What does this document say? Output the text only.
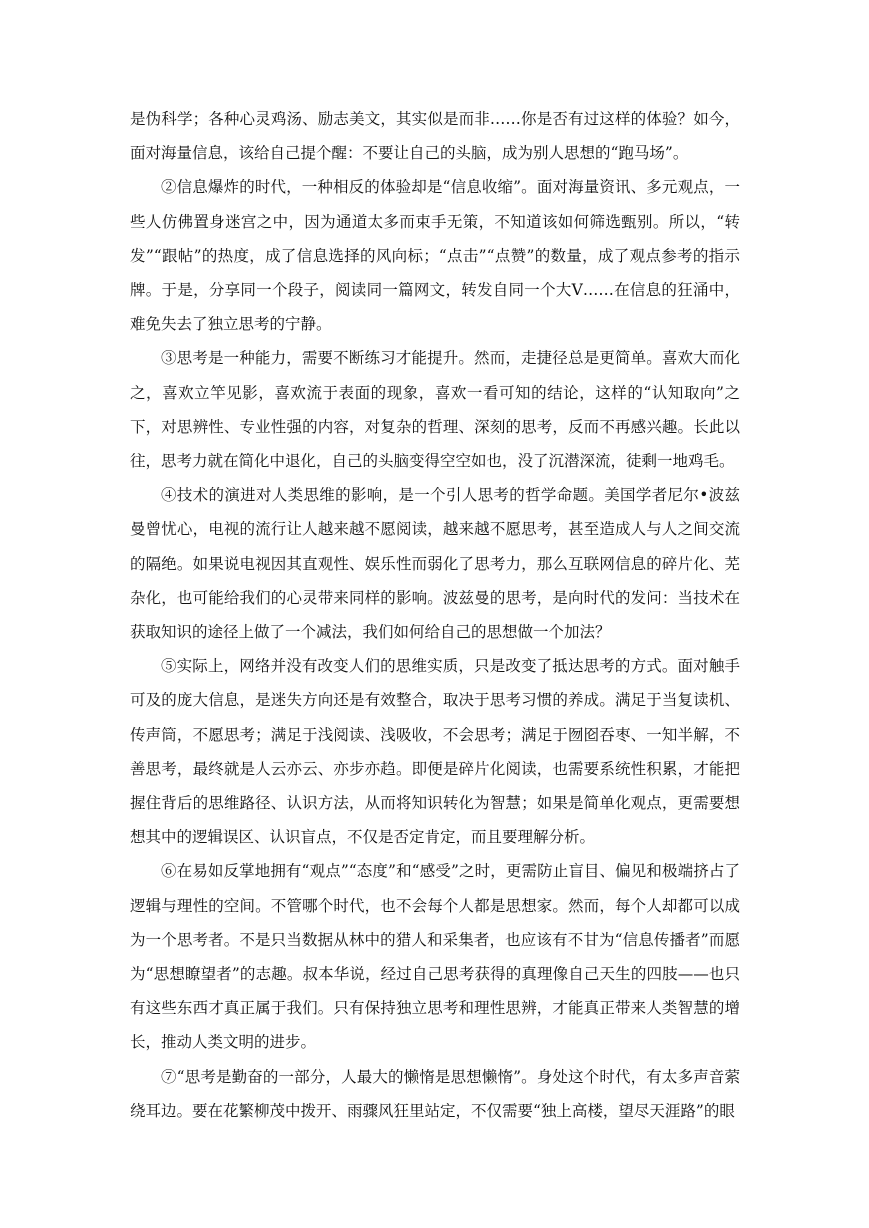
是伪科学；各种心灵鸡汤、励志美文，其实似是而非……你是否有过这样的体验？如今，面对海量信息，该给自己提个醒：不要让自己的头脑，成为别人思想的“跑马场”。

②信息爆炸的时代，一种相反的体验却是“信息收缩”。面对海量资讯、多元观点，一些人仿佛置身迷宫之中，因为通道太多而束手无策，不知道该如何筛选甄别。所以，“转发”“跟帖”的热度，成了信息选择的风向标；“点击”“点赞”的数量，成了观点参考的指示牌。于是，分享同一个段子，阅读同一篇网文，转发自同一个大V……在信息的狂涌中，难免失去了独立思考的宁静。

③思考是一种能力，需要不断练习才能提升。然而，走捷径总是更简单。喜欢大而化之，喜欢立竿见影，喜欢流于表面的现象，喜欢一看可知的结论，这样的“认知取向”之下，对思辨性、专业性强的内容，对复杂的哲理、深刻的思考，反而不再感兴趣。长此以往，思考力就在简化中退化，自己的头脑变得空空如也，没了沉潜深流，徒剩一地鸡毛。

④技术的演进对人类思维的影响，是一个引人思考的哲学命题。美国学者尼尔•波兹曼曾忧心，电视的流行让人越来越不愿阅读，越来越不愿思考，甚至造成人与人之间交流的隔绝。如果说电视因其直观性、娱乐性而弱化了思考力，那么互联网信息的碎片化、芜杂化，也可能给我们的心灵带来同样的影响。波兹曼的思考，是向时代的发问：当技术在获取知识的途径上做了一个减法，我们如何给自己的思想做一个加法？

⑤实际上，网络并没有改变人们的思维实质，只是改变了抵达思考的方式。面对触手可及的庞大信息，是迷失方向还是有效整合，取决于思考习惯的养成。满足于当复读机、传声筒，不愿思考；满足于浅阅读、浅吸收，不会思考；满足于囫囵吞枣、一知半解，不善思考，最终就是人云亦云、亦步亦趋。即便是碎片化阅读，也需要系统性积累，才能把握住背后的思维路径、认识方法，从而将知识转化为智慧；如果是简单化观点，更需要想想其中的逻辑误区、认识盲点，不仅是否定肯定，而且要理解分析。

⑥在易如反掌地拥有“观点”“态度”和“感受”之时，更需防止盲目、偏见和极端挤占了逻辑与理性的空间。不管哪个时代，也不会每个人都是思想家。然而，每个人却都可以成为一个思考者。不是只当数据从林中的猎人和采集者，也应该有不甘为“信息传播者”而愿为“思想瞭望者”的志趣。叔本华说，经过自己思考获得的真理像自己天生的四肢——也只有这些东西才真正属于我们。只有保持独立思考和理性思辨，才能真正带来人类智慧的增长，推动人类文明的进步。

⑦“思考是勤奋的一部分，人最大的懒惰是思想懒惰”。身处这个时代，有太多声音萦绕耳边。要在花繁柳茂中拨开、雨骤风狂里站定，不仅需要“独上高楼，望尽天涯路”的眼
